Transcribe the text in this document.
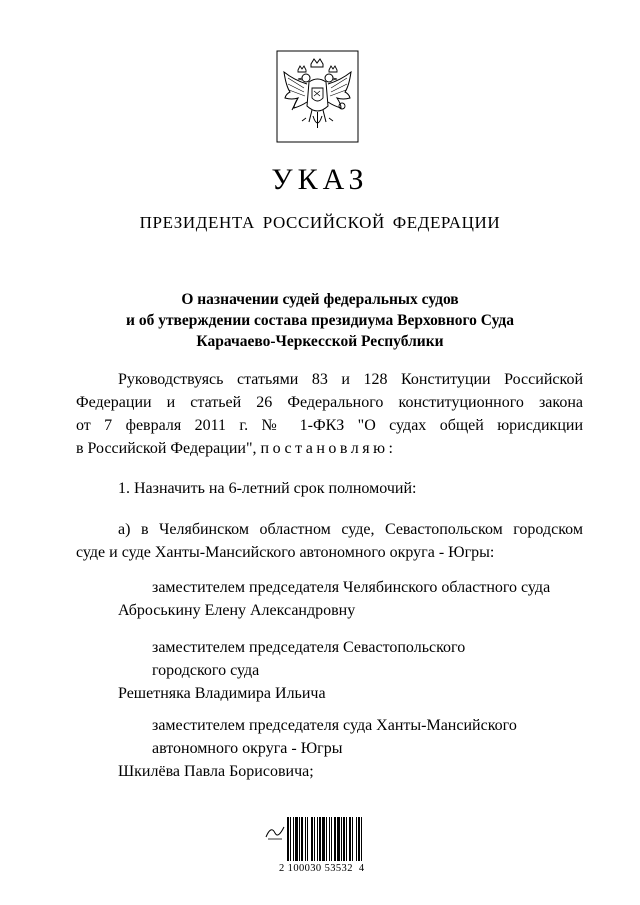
УКАЗ
ПРЕЗИДЕНТА РОССИЙСКОЙ ФЕДЕРАЦИИ
О назначении судей федеральных судов
и об утверждении состава президиума Верховного Суда
Карачаево-Черкесской Республики
Руководствуясь статьями 83 и 128 Конституции Российской
Федерации и статьей 26 Федерального конституционного закона
от 7 февраля 2011 г. № 1-ФКЗ "О судах общей юрисдикции
в Российской Федерации", постановляю:
1. Назначить на 6-летний срок полномочий:
а) в Челябинском областном суде, Севастопольском городском
суде и суде Ханты-Мансийского автономного округа - Югры:
заместителем председателя Челябинского областного суда
Аброськину Елену Александровну
заместителем председателя Севастопольского
городского суда
Решетняка Владимира Ильича
заместителем председателя суда Ханты-Мансийского
автономного округа - Югры
Шкилёва Павла Борисовича;
2 100030 53532  4
